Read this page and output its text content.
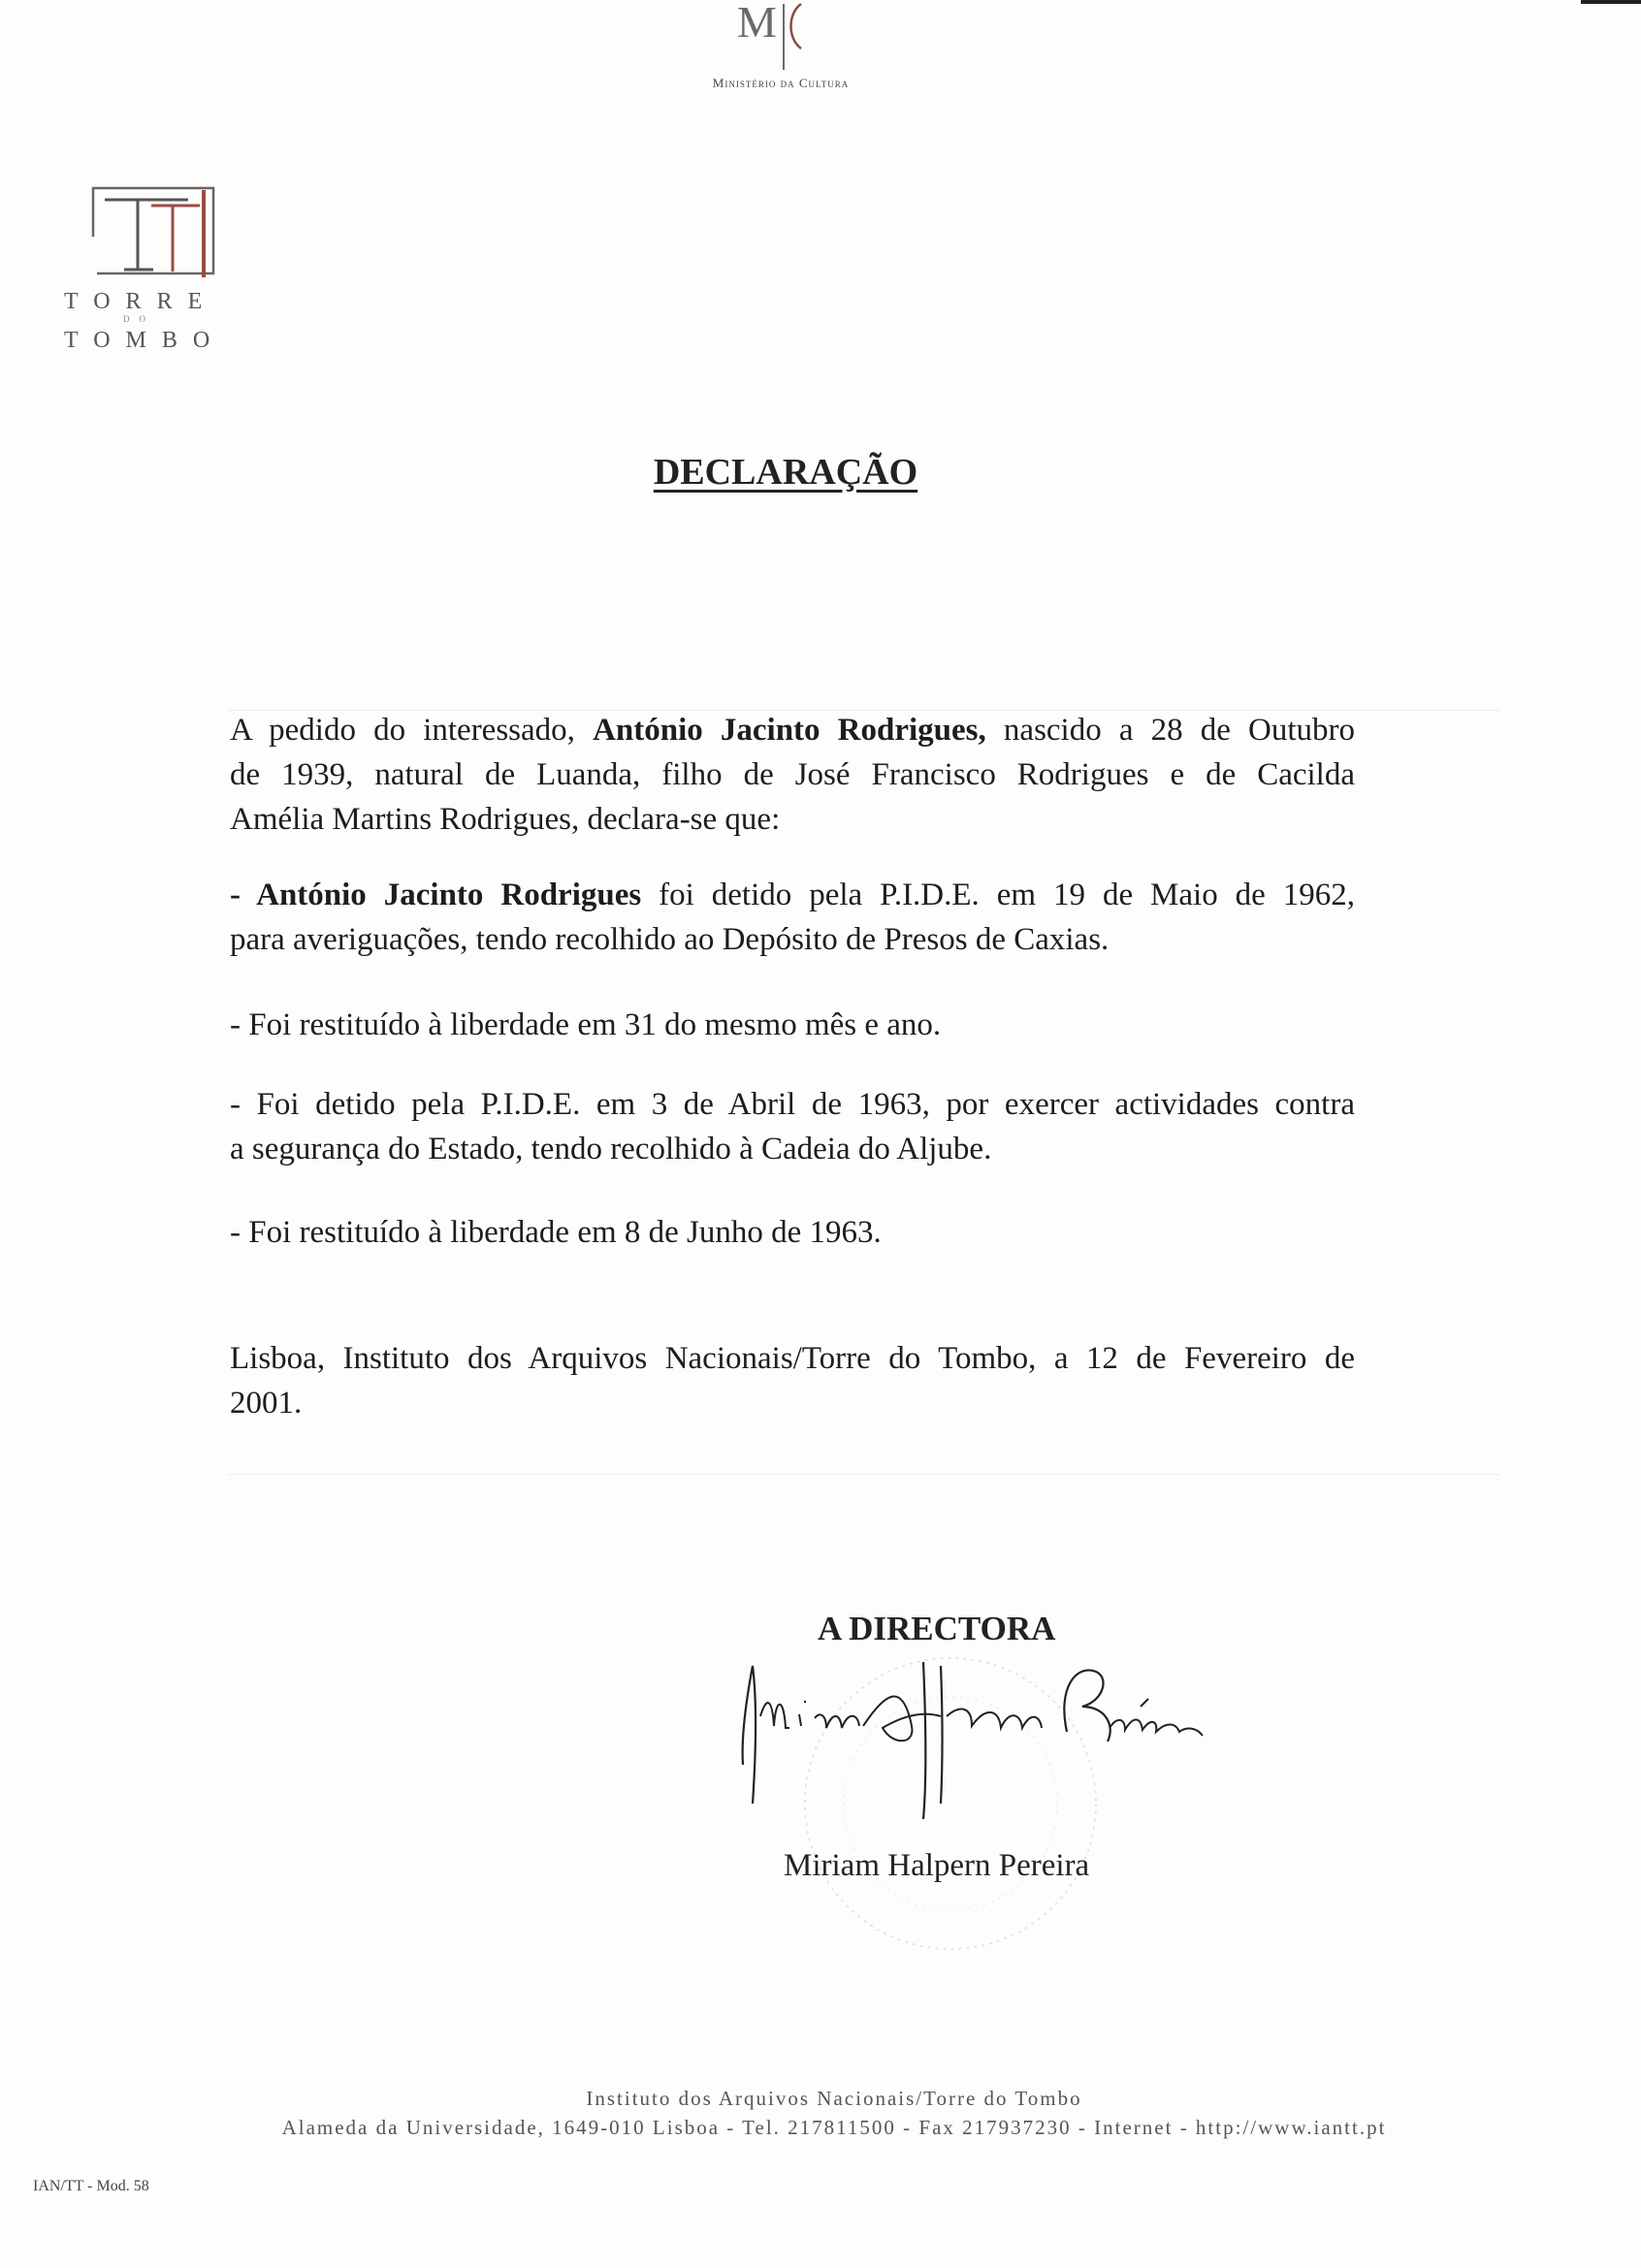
M
Ministério da Cultura
TORRE
DO
TOMBO
DECLARAÇÃO
A pedido do interessado, António Jacinto Rodrigues, nascido a 28 de Outubro
de 1939, natural de Luanda, filho de José Francisco Rodrigues e de Cacilda
Amélia Martins Rodrigues, declara-se que:
- António Jacinto Rodrigues foi detido pela P.I.D.E. em 19 de Maio de 1962,
para averiguações, tendo recolhido ao Depósito de Presos de Caxias.
- Foi restituído à liberdade em 31 do mesmo mês e ano.
- Foi detido pela P.I.D.E. em 3 de Abril de 1963, por exercer actividades contra
a segurança do Estado, tendo recolhido à Cadeia do Aljube.
- Foi restituído à liberdade em 8 de Junho de 1963.
Lisboa, Instituto dos Arquivos Nacionais/Torre do Tombo, a 12 de Fevereiro de
2001.
A DIRECTORA
Miriam Halpern Pereira
Instituto dos Arquivos Nacionais/Torre do Tombo
Alameda da Universidade, 1649-010 Lisboa - Tel. 217811500 - Fax 217937230 - Internet - http://www.iantt.pt
IAN/TT - Mod. 58
